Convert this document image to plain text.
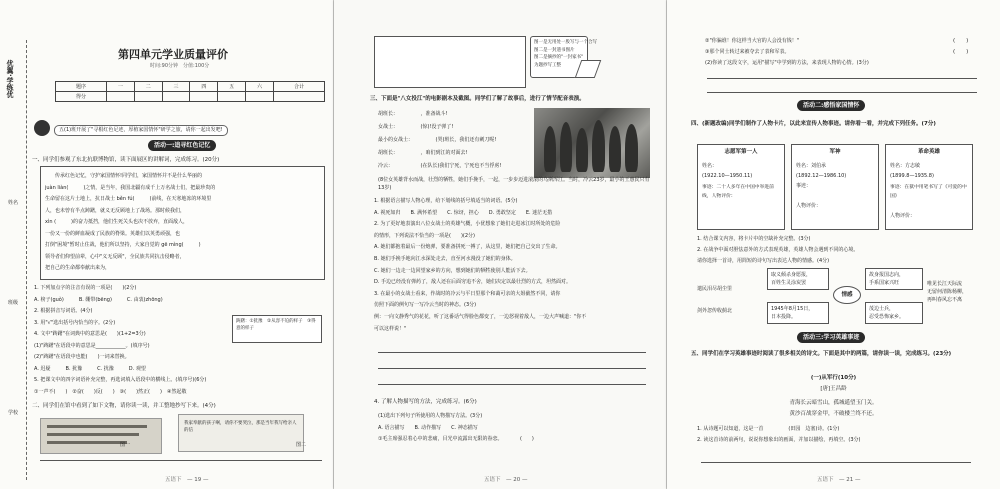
优翼·学练优
姓名
班级
学校
第四单元学业质量评价
时间:90分钟　分值:100分
题序	一	二	三	四	五	六	合计
得分							
五(1)班开展了"寻根红色足迹，厚植家国情怀"研学之旅，请你一起出发吧!
活动一:追寻红色记忆
一、同学们参观了东北抗联博物馆，读下面展区的讲解词，完成练习。(20分)
　　传承红色记忆，守护家国情怀!同学们，家国情怀并不是什么华丽的
juàn liàn(　　　)之情，是当年，我国北疆有成千上万名战士们，把最珍贵的
生命留在这片土地上，抗日战士 běn fú(　　　)前线，在天寒地冻的环境里
人，也未曾有半点踌躇，就义无反顾地上了战场。那时候我们，
xìn (　　　)的奋力抵挡，他们生死关头也决不放弃，直面敌人，
一份又一份的鲜血凝成了民族的脊梁。英雄们以英勇顽强，也
打倒"困境"暂时止住战，他们所以坚持，大家自觉的 gē mìng(　　　)
领导者们仰望前辈，心中"义无反顾"，全民族共同抗击侵略者，
把自己的生命都奉献出来为，
1. 下列加点字的注音有误的一项是(　　)(2分)
A. 榜子(guǒ)　　　B. 绷带(bēng)　　　C. 由衷(zhōng)
2. 根据拼音写词语。(4分)
3. 用"√"选出括号内恰当的字。(2分)
4. 文中"踌躇"在词典中的意思是(　　)(1+2=3分)
(1)"踌躇"在语段中的意思是____________。(填序号)
(2)"踌躇"在语段中也能(　　)一词来替换。
A. 迟疑　　　B. 犹豫　　　C. 扰豫　　　D. 观望
5. 把课文中的四字词语补充完整，再选词填入语段中的横线上。(填序号)(6分)
①一声不(　　)　②奋(　　)反(　　)　③(　　)然正(　　)　④然起敬
踌躇：①犹豫　②从容不迫的样子　③得意的样子
二、同学们在馆中看到了如下文物，请你读一读，并工整地抄写下来。(4分)
图一
我家奉献的孩子啊，请你不要哭泣，那是当年我写给亲人的信
图二
五语下　— 19 —
图一是无用处一股写与一个合写
图二是一封遗书图片
图二是摘抄的"一封家书"
为题抄写工整
三、下面是"八女投江"的电影剧本及截图。同学们了解了故事后，进行了情节配音表演。
胡班长：　　　　　，准备战斗!
女战士：　　　　　(惊)!没子弹了!
最小的女战士：　　　　　(哭)班长，我们还有刺刀呢!
胡班长：　　　　　，咱们到江的对面去!
冷云：　　　　　　(在队长)我们宁死，宁死也不当俘虏!
(8位女英雄背水而战，壮烈的牺牲，她们手挽手，一起，一步步迈进滚滚的乌斯浑江。当时，冷云23岁，最小的王惠民只有13岁)
1. 根据语言描写人物心理，给下划线的括号填适当的词语。(5分)
A. 视死如归　　B. 满怀希望　　C. 惊讶，担心　　D. 勇敢坚定　　E. 迷茫无措
2. 为了更好地表演出八位女战士的英雄气概，小优想象了她们走进冰江时所处的危险
的情形，下列说法不恰当的一项是(　　)(2分)
A. 她们都抱着最后一份炮弹，要准备拼死一搏了，从这里，她们把自己交出了生命。
B. 她们手挽手地向江水深处走去，直至河水漫没了她们的身体。
C. 她们一边走一边回望家乡的方向，想到她们的牺牲使别人能活下去。
D. 手边已经没有弹药了，敌人还在后面穷追不舍，她们决定以最壮烈的方式，坦然面对。
3. 在最小的女战士看来，作战时的冷云与平日里那个和蔼可亲的大姐截然不同，请你
仿照下面的例句写一写冷云当时的神态。(3分)
例：一向文静秀气的花花，听了这番话气得脸色都变了，一边怒视着敌人，一边大声喊道："你不
可以这样说！"
4. 了解人物描写的方法，完成练习。(6分)
(1)选出下列句子所使用的人物描写方法。(3分)
A. 语言描写　　B. 动作描写　　C. 神态描写
①毛主席强忍着心中的悲痛，目光中流露出无限的眷恋。　　　　(　　)
五语下　— 20 —
②"你骗谁！你这样当大官的人会没有钱！"
③那个同士转过来被夺去了表和军表。
(2)你读了这段文字，运用"描写"中学到的方法，来表现人物的心情。(3分)
(　　)
(　　)
活动二:感悟家国情怀
四、(新题改编)同学们制作了人物卡片，以此来宣传人物事迹。请你看一看，并完成下列任务。(7分)
志愿军第一人
姓名：
(1922.10—1950.11)
事迹：二十人多年在中国中举进前线，人物评价：
军神
姓名：刘伯承
(1892.12—1986.10)
事迹：
人物评价：
革命英雄
姓名：方志敏
(1899.8—1935.8)
事迹：在狱中用笔书写了《可爱的中国》
人物评价：
1. 结合课文内容，将卡片中的空缺补充完整。(3分)
2. 在战争中面对胆怯意外的方式表现英雄，英雄人物会遇到不同的心境。
请你选择一首诗，用简短的诗句写出表达人物的情感。(4分)
遣民泪尽胡尘里
剑外忽传收蓟北
取义倾杀身愿报，
百姓生灵涂炭罢
1945年8月15日，
日本投降。
情感
故身报国志向，
手系国家兴旺
茂边士兵，
忍受恐怖家乡。
唯见长江天际流
无留何清陈杨柳，
再叫春风忘不离
活动三:学习英雄事迹
五、同学们在学习英雄事迹时阅读了很多相关的诗文。下面是其中的两篇，请你读一读，完成练习。(23分)
(一)从军行(10分)
[唐]王昌龄
青海长云暗雪山，孤城遥望玉门关。
黄沙百战穿金甲，不破楼兰终不还。
1. 从诗题可以知道，这是一首　　　　　(田园　边塞)诗。(1分)
2. 读这首诗的前两句，说说你想象出的画面，并加以描绘，再填空。(3分)
五语下　— 21 —
